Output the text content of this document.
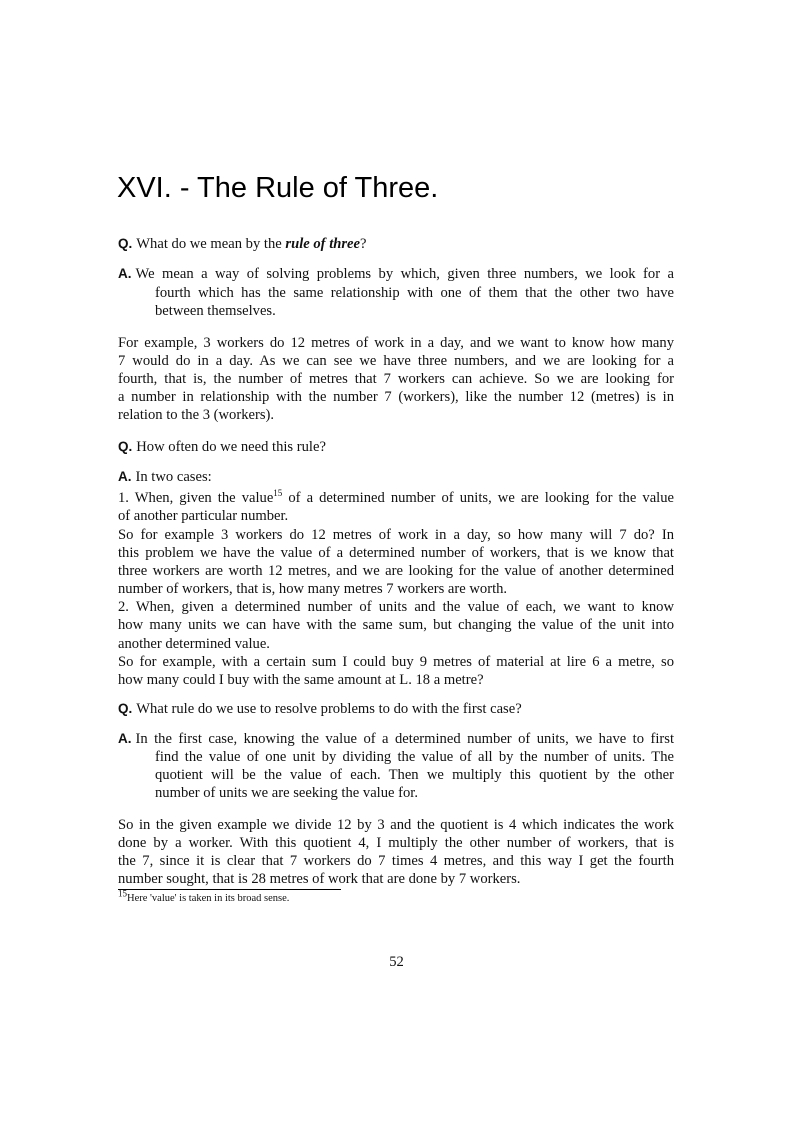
XVI. - The Rule of Three.
Q. What do we mean by the rule of three?
A. We mean a way of solving problems by which, given three numbers, we look for a
fourth which has the same relationship with one of them that the other two have
between themselves.
For example, 3 workers do 12 metres of work in a day, and we want to know how many
7 would do in a day. As we can see we have three numbers, and we are looking for a
fourth, that is, the number of metres that 7 workers can achieve. So we are looking for
a number in relationship with the number 7 (workers), like the number 12 (metres) is in
relation to the 3 (workers).
Q. How often do we need this rule?
A. In two cases:
1. When, given the value$^{15}$ of a determined number of units, we are looking for the value
of another particular number.
So for example 3 workers do 12 metres of work in a day, so how many will 7 do? In
this problem we have the value of a determined number of workers, that is we know that
three workers are worth 12 metres, and we are looking for the value of another determined
number of workers, that is, how many metres 7 workers are worth.
2. When, given a determined number of units and the value of each, we want to know
how many units we can have with the same sum, but changing the value of the unit into
another determined value.
So for example, with a certain sum I could buy 9 metres of material at lire 6 a metre, so
how many could I buy with the same amount at L. 18 a metre?
Q. What rule do we use to resolve problems to do with the first case?
A. In the first case, knowing the value of a determined number of units, we have to first
find the value of one unit by dividing the value of all by the number of units. The
quotient will be the value of each. Then we multiply this quotient by the other
number of units we are seeking the value for.
So in the given example we divide 12 by 3 and the quotient is 4 which indicates the work
done by a worker. With this quotient 4, I multiply the other number of workers, that is
the 7, since it is clear that 7 workers do 7 times 4 metres, and this way I get the fourth
number sought, that is 28 metres of work that are done by 7 workers.
$^{15}$Here 'value' is taken in its broad sense.
52
